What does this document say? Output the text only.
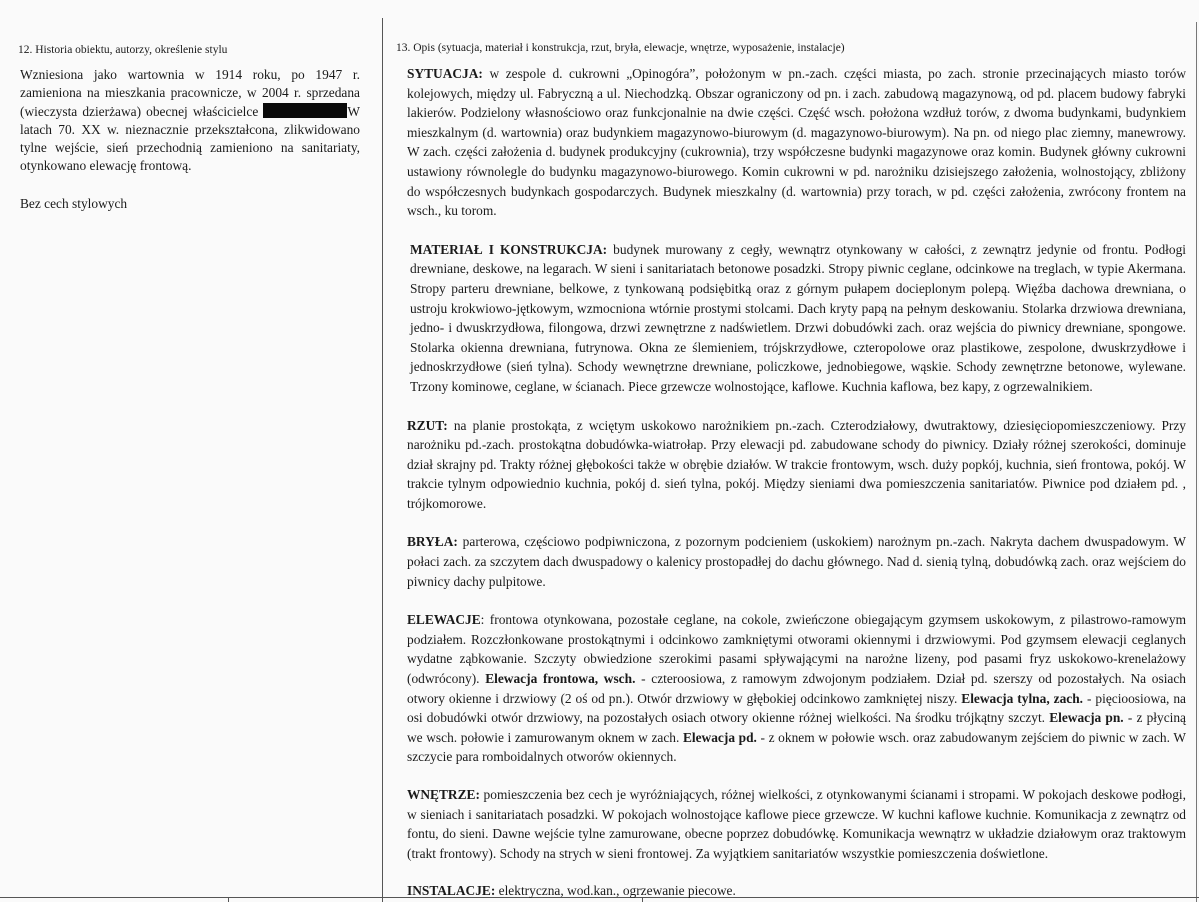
12. Historia obiektu, autorzy, określenie stylu

Wzniesiona jako wartownia w 1914 roku, po 1947 r. zamieniona na mieszkania pracownicze, w 2004 r. sprzedana (wieczysta dzierżawa) obecnej właścicielce	W latach 70. XX w. nieznacznie przekształcona, zlikwidowano tylne wejście, sień przechodnią zamieniono na sanitariaty, otynkowano elewację frontową.

Bez cech stylowych

13. Opis (sytuacja, materiał i konstrukcja, rzut, bryła, elewacje, wnętrze, wyposażenie, instalacje)

SYTUACJA: w zespole d. cukrowni „Opinogóra”, położonym w pn.-zach. części miasta, po zach. stronie przecinających miasto torów kolejowych, między ul. Fabryczną a ul. Niechodzką. Obszar ograniczony od pn. i zach. zabudową magazynową, od pd. placem budowy fabryki lakierów. Podzielony własnościowo oraz funkcjonalnie na dwie części. Część wsch. położona wzdłuż torów, z dwoma budynkami, budynkiem mieszkalnym (d. wartownia) oraz budynkiem magazynowo-biurowym (d. magazynowo-biurowym). Na pn. od niego plac ziemny, manewrowy. W zach. części założenia d. budynek produkcyjny (cukrownia), trzy współczesne budynki magazynowe oraz komin. Budynek główny cukrowni ustawiony równolegle do budynku magazynowo-biurowego. Komin cukrowni w pd. narożniku dzisiejszego założenia, wolnostojący, zbliżony do współczesnych budynkach gospodarczych. Budynek mieszkalny (d. wartownia) przy torach, w pd. części założenia, zwrócony frontem na wsch., ku torom.

MATERIAŁ I KONSTRUKCJA: budynek murowany z cegły, wewnątrz otynkowany w całości, z zewnątrz jedynie od frontu. Podłogi drewniane, deskowe, na legarach. W sieni i sanitariatach betonowe posadzki. Stropy piwnic ceglane, odcinkowe na treglach, w typie Akermana. Stropy parteru drewniane, belkowe, z tynkowaną podsiębitką oraz z górnym pułapem docieplonym polepą. Więźba dachowa drewniana, o ustroju krokwiowo-jętkowym, wzmocniona wtórnie prostymi stolcami. Dach kryty papą na pełnym deskowaniu. Stolarka drzwiowa drewniana, jedno- i dwuskrzydłowa, filongowa, drzwi zewnętrzne z nadświetlem. Drzwi dobudówki zach. oraz wejścia do piwnicy drewniane, spongowe. Stolarka okienna drewniana, futrynowa. Okna ze ślemieniem, trójskrzydłowe, czteropolowe oraz plastikowe, zespolone, dwuskrzydłowe i jednoskrzydłowe (sień tylna). Schody wewnętrzne drewniane, policzkowe, jednobiegowe, wąskie. Schody zewnętrzne betonowe, wylewane. Trzony kominowe, ceglane, w ścianach. Piece grzewcze wolnostojące, kaflowe. Kuchnia kaflowa, bez kapy, z ogrzewalnikiem.

RZUT: na planie prostokąta, z wciętym uskokowo narożnikiem pn.-zach. Czterodziałowy, dwutraktowy, dziesięciopomieszczeniowy. Przy narożniku pd.-zach. prostokątna dobudówka-wiatrołap. Przy elewacji pd. zabudowane schody do piwnicy. Działy różnej szerokości, dominuje dział skrajny pd. Trakty różnej głębokości także w obrębie działów. W trakcie frontowym, wsch. duży popkój, kuchnia, sień frontowa, pokój. W trakcie tylnym odpowiednio kuchnia, pokój d. sień tylna, pokój. Między sieniami dwa pomieszczenia sanitariatów. Piwnice pod działem pd. , trójkomorowe.

BRYŁA: parterowa, częściowo podpiwniczona, z pozornym podcieniem (uskokiem) narożnym pn.-zach. Nakryta dachem dwuspadowym. W połaci zach. za szczytem dach dwuspadowy o kalenicy prostopadłej do dachu głównego. Nad d. sienią tylną, dobudówką zach. oraz wejściem do piwnicy dachy pulpitowe.

ELEWACJE: frontowa otynkowana, pozostałe ceglane, na cokole, zwieńczone obiegającym gzymsem uskokowym, z pilastrowo-ramowym podziałem. Rozczłonkowane prostokątnymi i odcinkowo zamkniętymi otworami okiennymi i drzwiowymi. Pod gzymsem elewacji ceglanych wydatne ząbkowanie. Szczyty obwiedzione szerokimi pasami spływającymi na narożne lizeny, pod pasami fryz uskokowo-krenelażowy (odwrócony). Elewacja frontowa, wsch. - czteroosiowa, z ramowym zdwojonym podziałem. Dział pd. szerszy od pozostałych. Na osiach otwory okienne i drzwiowy (2 oś od pn.). Otwór drzwiowy w głębokiej odcinkowo zamkniętej niszy. Elewacja tylna, zach. - pięcioosiowa, na osi dobudówki otwór drzwiowy, na pozostałych osiach otwory okienne różnej wielkości. Na środku trójkątny szczyt. Elewacja pn. - z płyciną we wsch. połowie i zamurowanym oknem w zach. Elewacja pd. - z oknem w połowie wsch. oraz zabudowanym zejściem do piwnic w zach. W szczycie para romboidalnych otworów okiennych.

WNĘTRZE: pomieszczenia bez cech je wyróżniających, różnej wielkości, z otynkowanymi ścianami i stropami. W pokojach deskowe podłogi, w sieniach i sanitariatach posadzki. W pokojach wolnostojące kaflowe piece grzewcze. W kuchni kaflowe kuchnie. Komunikacja z zewnątrz od fontu, do sieni. Dawne wejście tylne zamurowane, obecne poprzez dobudówkę. Komunikacja wewnątrz w układzie działowym oraz traktowym (trakt frontowy). Schody na strych w sieni frontowej. Za wyjątkiem sanitariatów wszystkie pomieszczenia doświetlone.

INSTALACJE: elektryczna, wod.kan., ogrzewanie piecowe.
